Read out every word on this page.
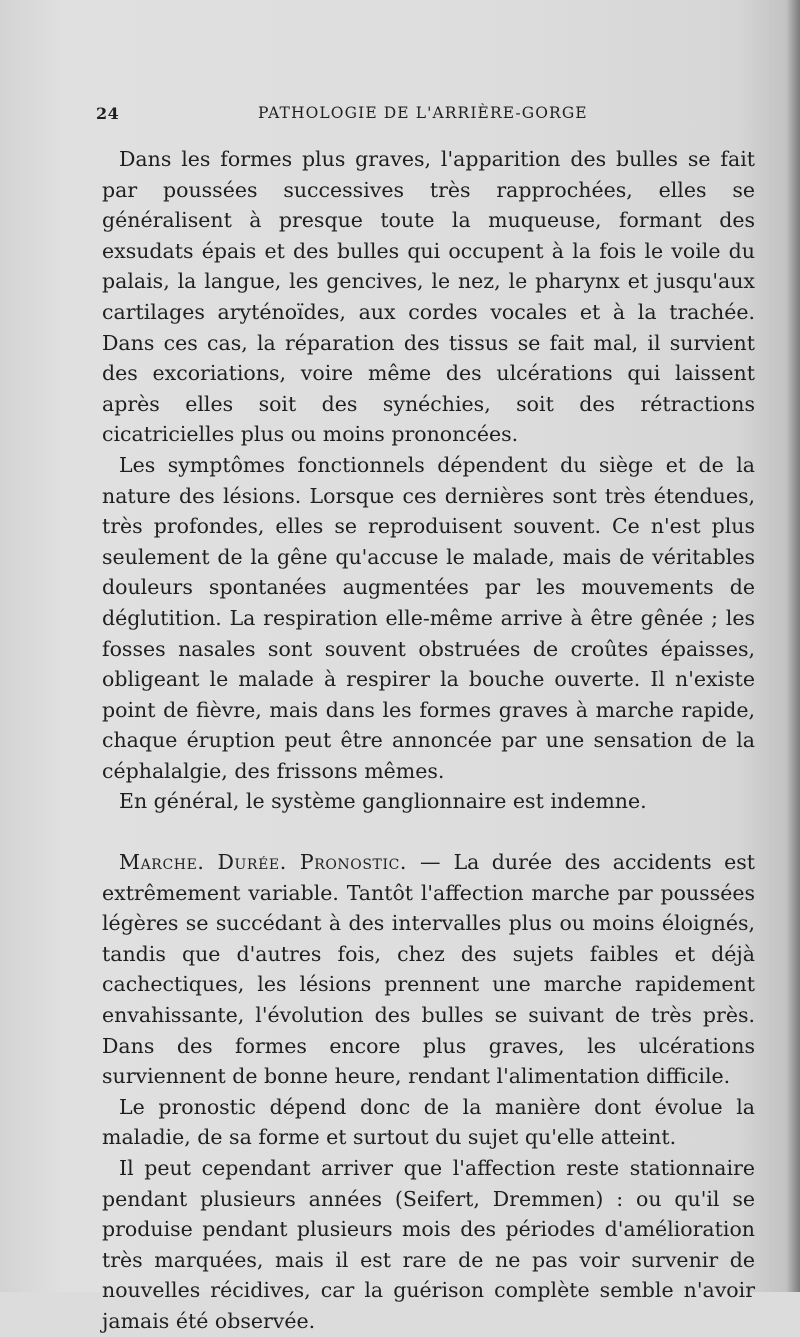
24	PATHOLOGIE DE L'ARRIÈRE-GORGE

Dans les formes plus graves, l'apparition des bulles se fait par poussées successives très rapprochées, elles se généralisent à presque toute la muqueuse, formant des exsudats épais et des bulles qui occupent à la fois le voile du palais, la langue, les gencives, le nez, le pharynx et jusqu'aux cartilages aryténoïdes, aux cordes vocales et à la trachée. Dans ces cas, la réparation des tissus se fait mal, il survient des excoriations, voire même des ulcérations qui laissent après elles soit des synéchies, soit des rétractions cicatricielles plus ou moins prononcées.

Les symptômes fonctionnels dépendent du siège et de la nature des lésions. Lorsque ces dernières sont très étendues, très profondes, elles se reproduisent souvent. Ce n'est plus seulement de la gêne qu'accuse le malade, mais de véritables douleurs spontanées augmentées par les mouvements de déglutition. La respiration elle-même arrive à être gênée ; les fosses nasales sont souvent obstruées de croûtes épaisses, obligeant le malade à respirer la bouche ouverte. Il n'existe point de fièvre, mais dans les formes graves à marche rapide, chaque éruption peut être annoncée par une sensation de la céphalalgie, des frissons mêmes.

En général, le système ganglionnaire est indemne.

Marche. Durée. Pronostic. — La durée des accidents est extrêmement variable. Tantôt l'affection marche par poussées légères se succédant à des intervalles plus ou moins éloignés, tandis que d'autres fois, chez des sujets faibles et déjà cachectiques, les lésions prennent une marche rapidement envahissante, l'évolution des bulles se suivant de très près. Dans des formes encore plus graves, les ulcérations surviennent de bonne heure, rendant l'alimentation difficile.

Le pronostic dépend donc de la manière dont évolue la maladie, de sa forme et surtout du sujet qu'elle atteint.

Il peut cependant arriver que l'affection reste stationnaire pendant plusieurs années (Seifert, Dremmen) : ou qu'il se produise pendant plusieurs mois des périodes d'amélioration très marquées, mais il est rare de ne pas voir survenir de nouvelles récidives, car la guérison complète semble n'avoir jamais été observée.
